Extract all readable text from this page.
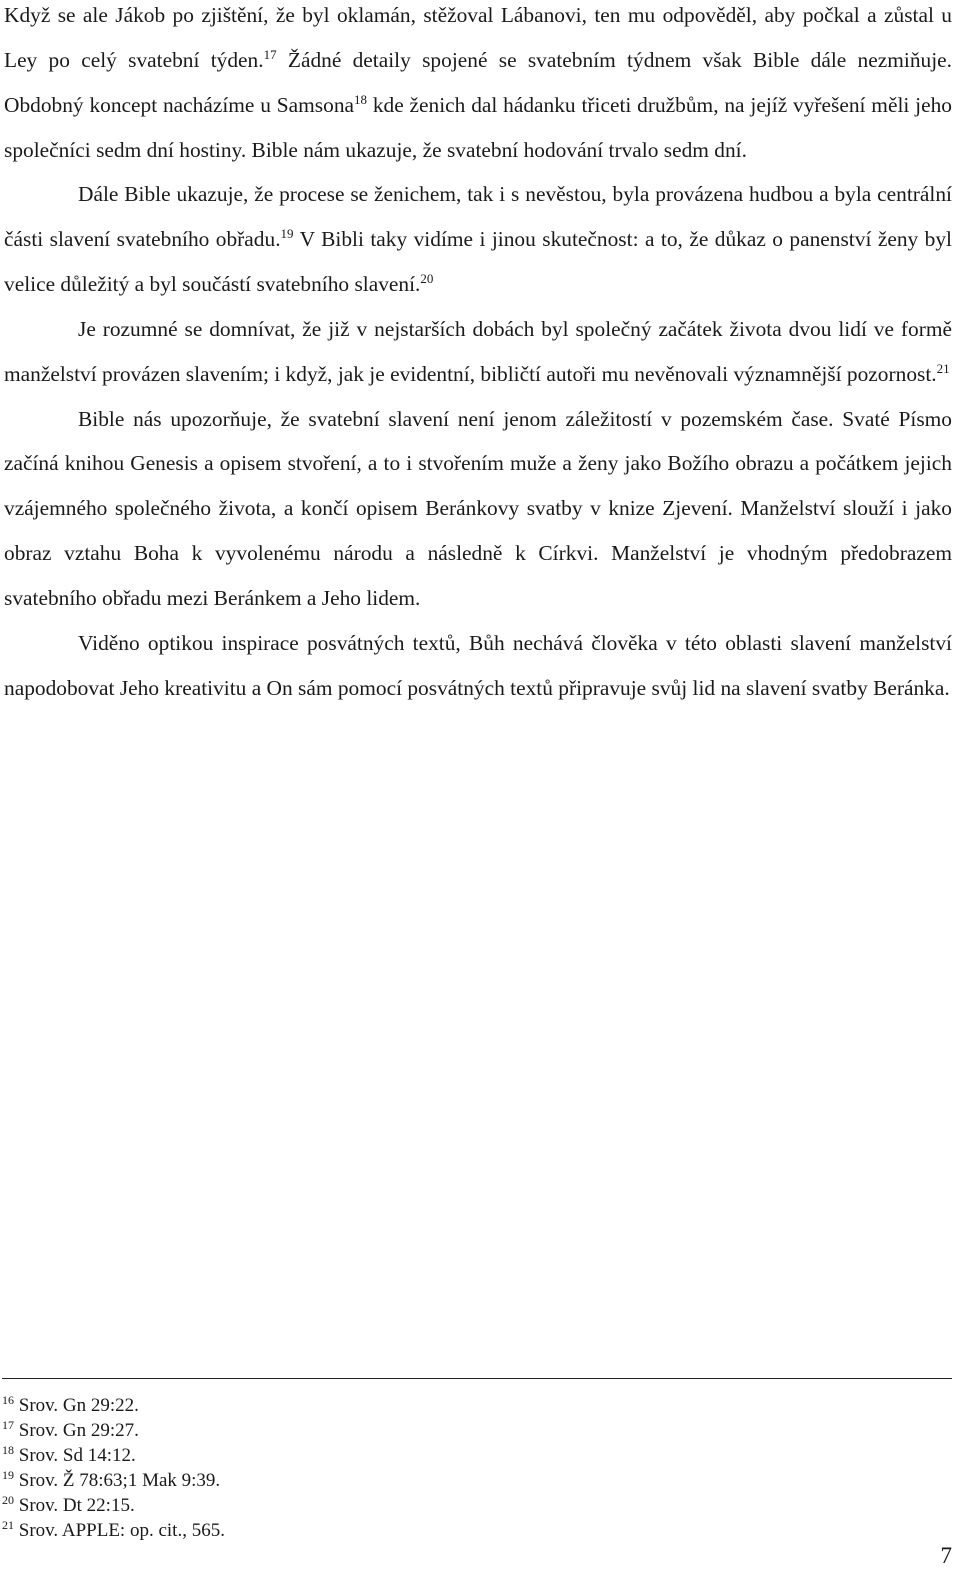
Když se ale Jákob po zjištění, že byl oklamán, stěžoval Lábanovi, ten mu odpověděl, aby počkal a zůstal u Ley po celý svatební týden.$^{17}$ Žádné detaily spojené se svatebním týdnem však Bible dále nezmiňuje. Obdobný koncept nacházíme u Samsona$^{18}$ kde ženich dal hádanku třiceti družbům, na jejíž vyřešení měli jeho společníci sedm dní hostiny. Bible nám ukazuje, že svatební hodování trvalo sedm dní.

Dále Bible ukazuje, že procese se ženichem, tak i s nevěstou, byla provázena hudbou a byla centrální části slavení svatebního obřadu.$^{19}$ V Bibli taky vidíme i jinou skutečnost: a to, že důkaz o panenství ženy byl velice důležitý a byl součástí svatebního slavení.$^{20}$

Je rozumné se domnívat, že již v nejstarších dobách byl společný začátek života dvou lidí ve formě manželství provázen slavením; i když, jak je evidentní, bibličtí autoři mu nevěnovali významnější pozornost.$^{21}$

Bible nás upozorňuje, že svatební slavení není jenom záležitostí v pozemském čase. Svaté Písmo začíná knihou Genesis a opisem stvoření, a to i stvořením muže a ženy jako Božího obrazu a počátkem jejich vzájemného společného života, a končí opisem Beránkovy svatby v knize Zjevení. Manželství slouží i jako obraz vztahu Boha k vyvolenému národu a následně k Církvi. Manželství je vhodným předobrazem svatebního obřadu mezi Beránkem a Jeho lidem.

Viděno optikou inspirace posvátných textů, Bůh nechává člověka v této oblasti slavení manželství napodobovat Jeho kreativitu a On sám pomocí posvátných textů připravuje svůj lid na slavení svatby Beránka.

$^{16}$ Srov. Gn 29:22.
$^{17}$ Srov. Gn 29:27.
$^{18}$ Srov. Sd 14:12.
$^{19}$ Srov. Ž 78:63;1 Mak 9:39.
$^{20}$ Srov. Dt 22:15.
$^{21}$ Srov. APPLE: op. cit., 565.
7
